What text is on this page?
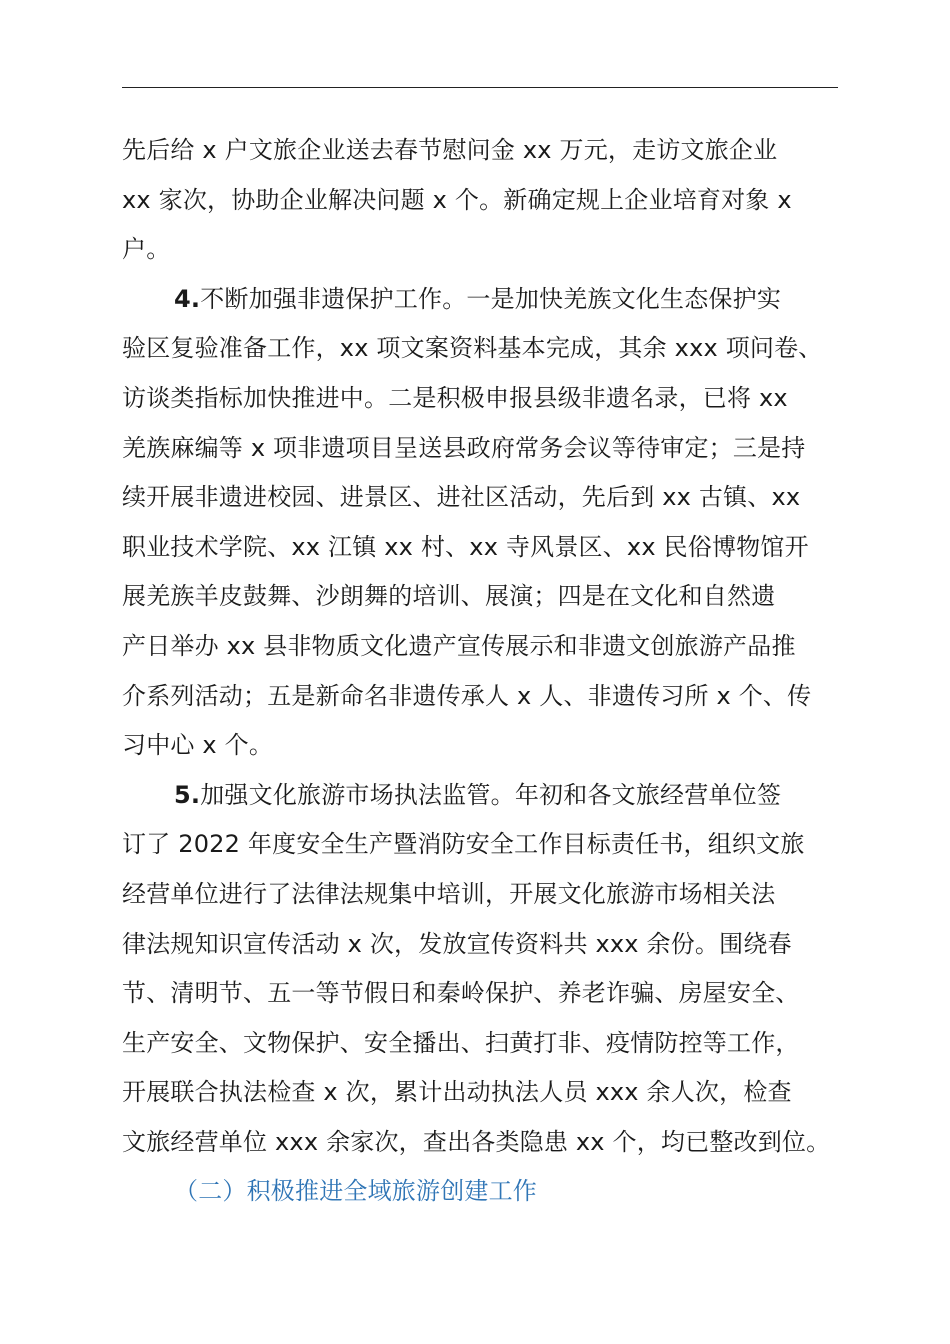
先后给 x 户文旅企业送去春节慰问金 xx 万元，走访文旅企业
xx 家次，协助企业解决问题 x 个。新确定规上企业培育对象 x
户。
4.不断加强非遗保护工作。一是加快羌族文化生态保护实
验区复验准备工作，xx 项文案资料基本完成，其余 xxx 项问卷、
访谈类指标加快推进中。二是积极申报县级非遗名录，已将 xx
羌族麻编等 x 项非遗项目呈送县政府常务会议等待审定；三是持
续开展非遗进校园、进景区、进社区活动，先后到 xx 古镇、xx
职业技术学院、xx 江镇 xx 村、xx 寺风景区、xx 民俗博物馆开
展羌族羊皮鼓舞、沙朗舞的培训、展演；四是在文化和自然遗
产日举办 xx 县非物质文化遗产宣传展示和非遗文创旅游产品推
介系列活动；五是新命名非遗传承人 x 人、非遗传习所 x 个、传
习中心 x 个。
5.加强文化旅游市场执法监管。年初和各文旅经营单位签
订了 2022 年度安全生产暨消防安全工作目标责任书，组织文旅
经营单位进行了法律法规集中培训，开展文化旅游市场相关法
律法规知识宣传活动 x 次，发放宣传资料共 xxx 余份。围绕春
节、清明节、五一等节假日和秦岭保护、养老诈骗、房屋安全、
生产安全、文物保护、安全播出、扫黄打非、疫情防控等工作，
开展联合执法检查 x 次，累计出动执法人员 xxx 余人次，检查
文旅经营单位 xxx 余家次，查出各类隐患 xx 个，均已整改到位。
（二）积极推进全域旅游创建工作
